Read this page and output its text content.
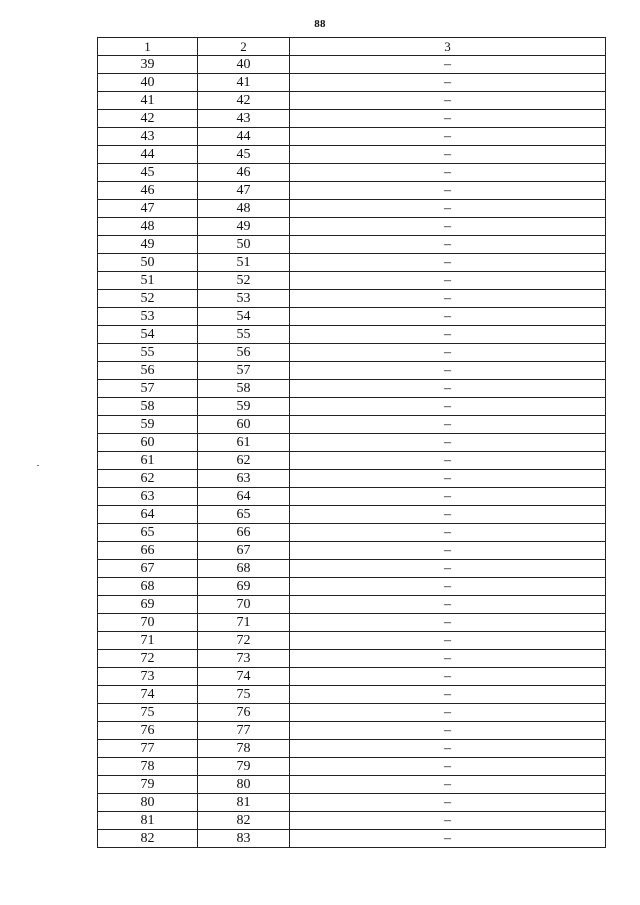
88
1	2	3
39	40	–
40	41	–
41	42	–
42	43	–
43	44	–
44	45	–
45	46	–
46	47	–
47	48	–
48	49	–
49	50	–
50	51	–
51	52	–
52	53	–
53	54	–
54	55	–
55	56	–
56	57	–
57	58	–
58	59	–
59	60	–
60	61	–
61	62	–
62	63	–
63	64	–
64	65	–
65	66	–
66	67	–
67	68	–
68	69	–
69	70	–
70	71	–
71	72	–
72	73	–
73	74	–
74	75	–
75	76	–
76	77	–
77	78	–
78	79	–
79	80	–
80	81	–
81	82	–
82	83	–
